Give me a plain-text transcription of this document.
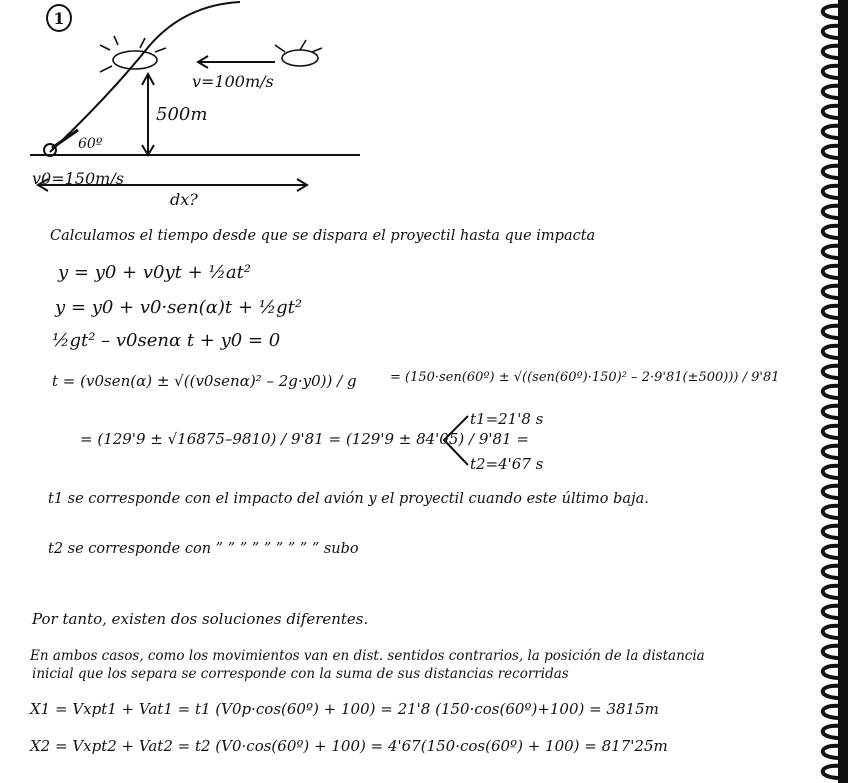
1
v=100m/s
500m
60º
v0=150m/s
dx?
Calculamos el tiempo desde que se dispara el proyectil hasta que impacta
y = y0 + v0yt + ½at²
y = y0 + v0·sen(α)t + ½gt²
½gt² – v0senα t + y0 = 0
t = (v0sen(α) ± √((v0senα)² – 2g·y0)) / g	= (150·sen(60º) ± √((sen(60º)·150)² – 2·9'81(±500))) / 9'81
= (129'9 ± √16875–9810) / 9'81 = (129'9 ± 84'05) / 9'81 =
t1=21'8 s
t2=4'67 s
t1 se corresponde con el impacto del avión y el proyectil cuando este último baja.
t2 se corresponde con ” ” ” ” ” ” ” ” ” subo
Por tanto, existen dos soluciones diferentes.
En ambos casos, como los movimientos van en dist. sentidos contrarios, la posición de la distancia
inicial que los separa se corresponde con la suma de sus distancias recorridas
X1 = Vxpt1 + Vat1 = t1 (V0p·cos(60º) + 100) = 21'8 (150·cos(60º)+100) = 3815m
X2 = Vxpt2 + Vat2 = t2 (V0·cos(60º) + 100) = 4'67(150·cos(60º) + 100) = 817'25m
